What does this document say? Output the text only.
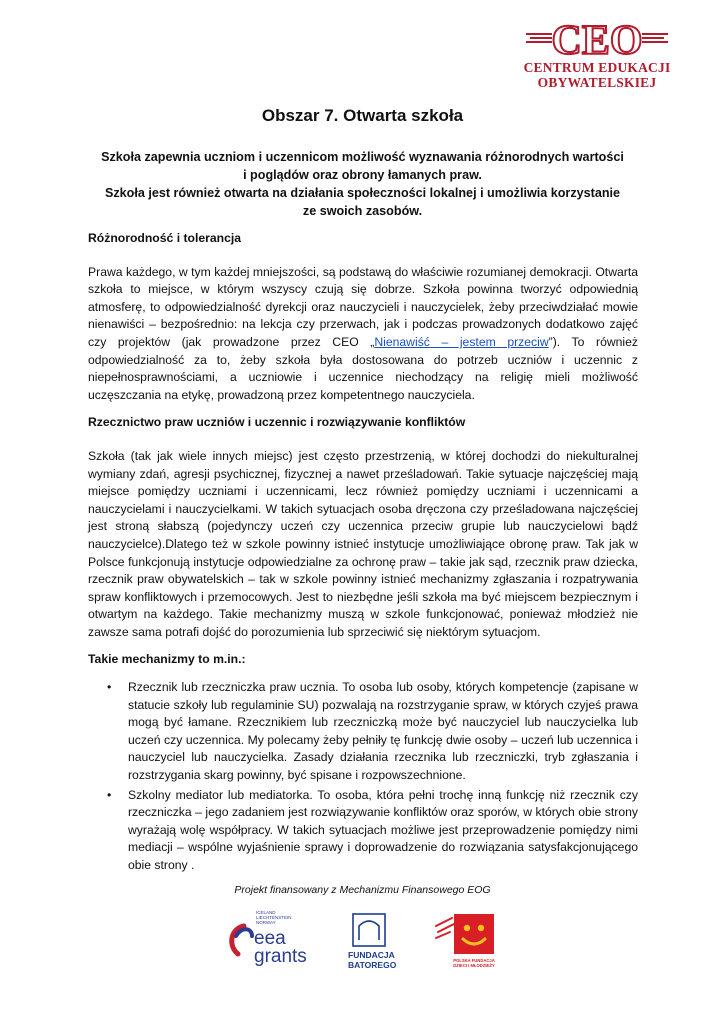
CEO
CENTRUM EDUKACJI
OBYWATELSKIEJ
Obszar 7. Otwarta szkoła

Szkoła zapewnia uczniom i uczennicom możliwość wyznawania różnorodnych wartości
i poglądów oraz obrony łamanych praw.
Szkoła jest również otwarta na działania społeczności lokalnej i umożliwia korzystanie
ze swoich zasobów.

Różnorodność i tolerancja

Prawa każdego, w tym każdej mniejszości, są podstawą do właściwie rozumianej demokracji. Otwarta szkoła to miejsce, w którym wszyscy czują się dobrze. Szkoła powinna tworzyć odpowiednią atmosferę, to odpowiedzialność dyrekcji oraz nauczycieli i nauczycielek, żeby przeciwdziałać mowie nienawiści – bezpośrednio: na lekcja czy przerwach, jak i podczas prowadzonych dodatkowo zajęć czy projektów (jak prowadzone przez CEO „Nienawiść – jestem przeciw”). To również odpowiedzialność za to, żeby szkoła była dostosowana do potrzeb uczniów i uczennic z niepełnosprawnościami, a uczniowie i uczennice niechodzący na religię mieli możliwość uczęszczania na etykę, prowadzoną przez kompetentnego nauczyciela.

Rzecznictwo praw uczniów i uczennic i rozwiązywanie konfliktów

Szkoła (tak jak wiele innych miejsc) jest często przestrzenią, w której dochodzi do niekulturalnej wymiany zdań, agresji psychicznej, fizycznej a nawet prześladowań. Takie sytuacje najczęściej mają miejsce pomiędzy uczniami i uczennicami, lecz również pomiędzy uczniami i uczennicami a nauczycielami i nauczycielkami. W takich sytuacjach osoba dręczona czy prześladowana najczęściej jest stroną słabszą (pojedynczy uczeń czy uczennica przeciw grupie lub nauczycielowi bądź nauczycielce).Dlatego też w szkole powinny istnieć instytucje umożliwiające obronę praw. Tak jak w Polsce funkcjonują instytucje odpowiedzialne za ochronę praw – takie jak sąd, rzecznik praw dziecka, rzecznik praw obywatelskich – tak w szkole powinny istnieć mechanizmy zgłaszania i rozpatrywania spraw konfliktowych i przemocowych. Jest to niezbędne jeśli szkoła ma być miejscem bezpiecznym i otwartym na każdego. Takie mechanizmy muszą w szkole funkcjonować, ponieważ młodzież nie zawsze sama potrafi dojść do porozumienia lub sprzeciwić się niektórym sytuacjom.

Takie mechanizmy to m.in.:
• Rzecznik lub rzeczniczka praw ucznia. To osoba lub osoby, których kompetencje (zapisane w statucie szkoły lub regulaminie SU) pozwalają na rozstrzyganie spraw, w których czyjeś prawa mogą być łamane. Rzecznikiem lub rzeczniczką może być nauczyciel lub nauczycielka lub uczeń czy uczennica. My polecamy żeby pełniły tę funkcję dwie osoby – uczeń lub uczennica i nauczyciel lub nauczycielka. Zasady działania rzecznika lub rzeczniczki, tryb zgłaszania i rozstrzygania skarg powinny, być spisane i rozpowszechnione.
• Szkolny mediator lub mediatorka. To osoba, która pełni trochę inną funkcję niż rzecznik czy rzeczniczka – jego zadaniem jest rozwiązywanie konfliktów oraz sporów, w których obie strony wyrażają wolę współpracy. W takich sytuacjach możliwe jest przeprowadzenie pomiędzy nimi mediacji – wspólne wyjaśnienie sprawy i doprowadzenie do rozwiązania satysfakcjonującego obie strony .
Projekt finansowany z Mechanizmu Finansowego EOG
ICELAND
LIECHTENSTEIN
NORWAY
eea
grants	FUNDACJA
BATOREGO	POLSKA FUNDACJA
DZIECI I MŁODZIEŻY
